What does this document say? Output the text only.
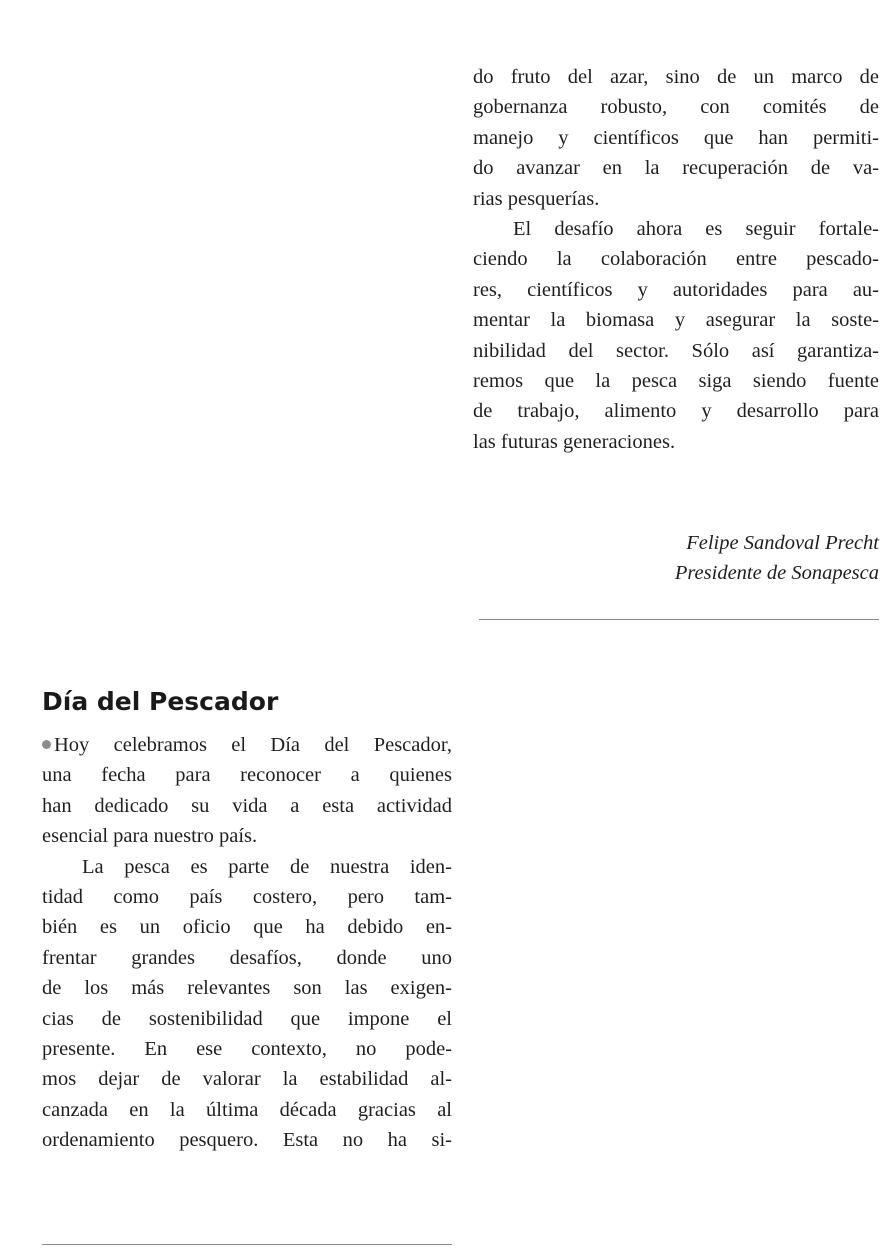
do fruto del azar, sino de un marco de
gobernanza robusto, con comités de
manejo y científicos que han permiti-
do avanzar en la recuperación de va-
rias pesquerías.

El desafío ahora es seguir fortale-
ciendo la colaboración entre pescado-
res, científicos y autoridades para au-
mentar la biomasa y asegurar la soste-
nibilidad del sector. Sólo así garantiza-
remos que la pesca siga siendo fuente
de trabajo, alimento y desarrollo para
las futuras generaciones.

Felipe Sandoval Precht
Presidente de Sonapesca
Día del Pescador

Hoy celebramos el Día del Pescador,
una fecha para reconocer a quienes
han dedicado su vida a esta actividad
esencial para nuestro país.

La pesca es parte de nuestra iden-
tidad como país costero, pero tam-
bién es un oficio que ha debido en-
frentar grandes desafíos, donde uno
de los más relevantes son las exigen-
cias de sostenibilidad que impone el
presente. En ese contexto, no pode-
mos dejar de valorar la estabilidad al-
canzada en la última década gracias al
ordenamiento pesquero. Esta no ha si-
